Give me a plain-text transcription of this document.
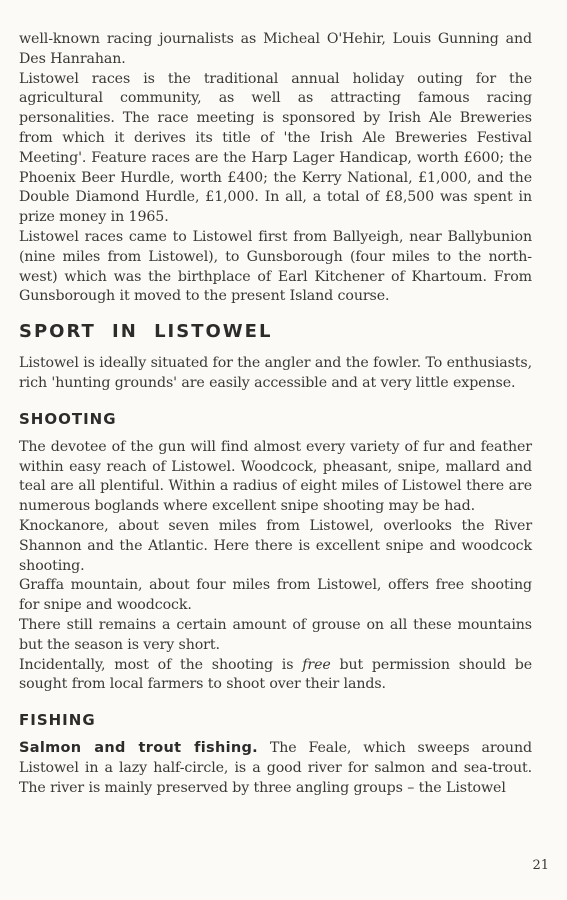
well-known racing journalists as Micheal O'Hehir, Louis Gunning and Des Hanrahan.

Listowel races is the traditional annual holiday outing for the agricultural community, as well as attracting famous racing personalities. The race meeting is sponsored by Irish Ale Breweries from which it derives its title of 'the Irish Ale Breweries Festival Meeting'. Feature races are the Harp Lager Handicap, worth £600; the Phoenix Beer Hurdle, worth £400; the Kerry National, £1,000, and the Double Diamond Hurdle, £1,000. In all, a total of £8,500 was spent in prize money in 1965.

Listowel races came to Listowel first from Ballyeigh, near Ballybunion (nine miles from Listowel), to Gunsborough (four miles to the north-west) which was the birthplace of Earl Kitchener of Khartoum. From Gunsborough it moved to the present Island course.

SPORT IN LISTOWEL

Listowel is ideally situated for the angler and the fowler. To enthusiasts, rich 'hunting grounds' are easily accessible and at very little expense.

SHOOTING

The devotee of the gun will find almost every variety of fur and feather within easy reach of Listowel. Woodcock, pheasant, snipe, mallard and teal are all plentiful. Within a radius of eight miles of Listowel there are numerous boglands where excellent snipe shooting may be had.

Knockanore, about seven miles from Listowel, overlooks the River Shannon and the Atlantic. Here there is excellent snipe and woodcock shooting.

Graffa mountain, about four miles from Listowel, offers free shooting for snipe and woodcock.

There still remains a certain amount of grouse on all these mountains but the season is very short.

Incidentally, most of the shooting is free but permission should be sought from local farmers to shoot over their lands.

FISHING

Salmon and trout fishing. The Feale, which sweeps around Listowel in a lazy half-circle, is a good river for salmon and sea-trout. The river is mainly preserved by three angling groups – the Listowel

21
